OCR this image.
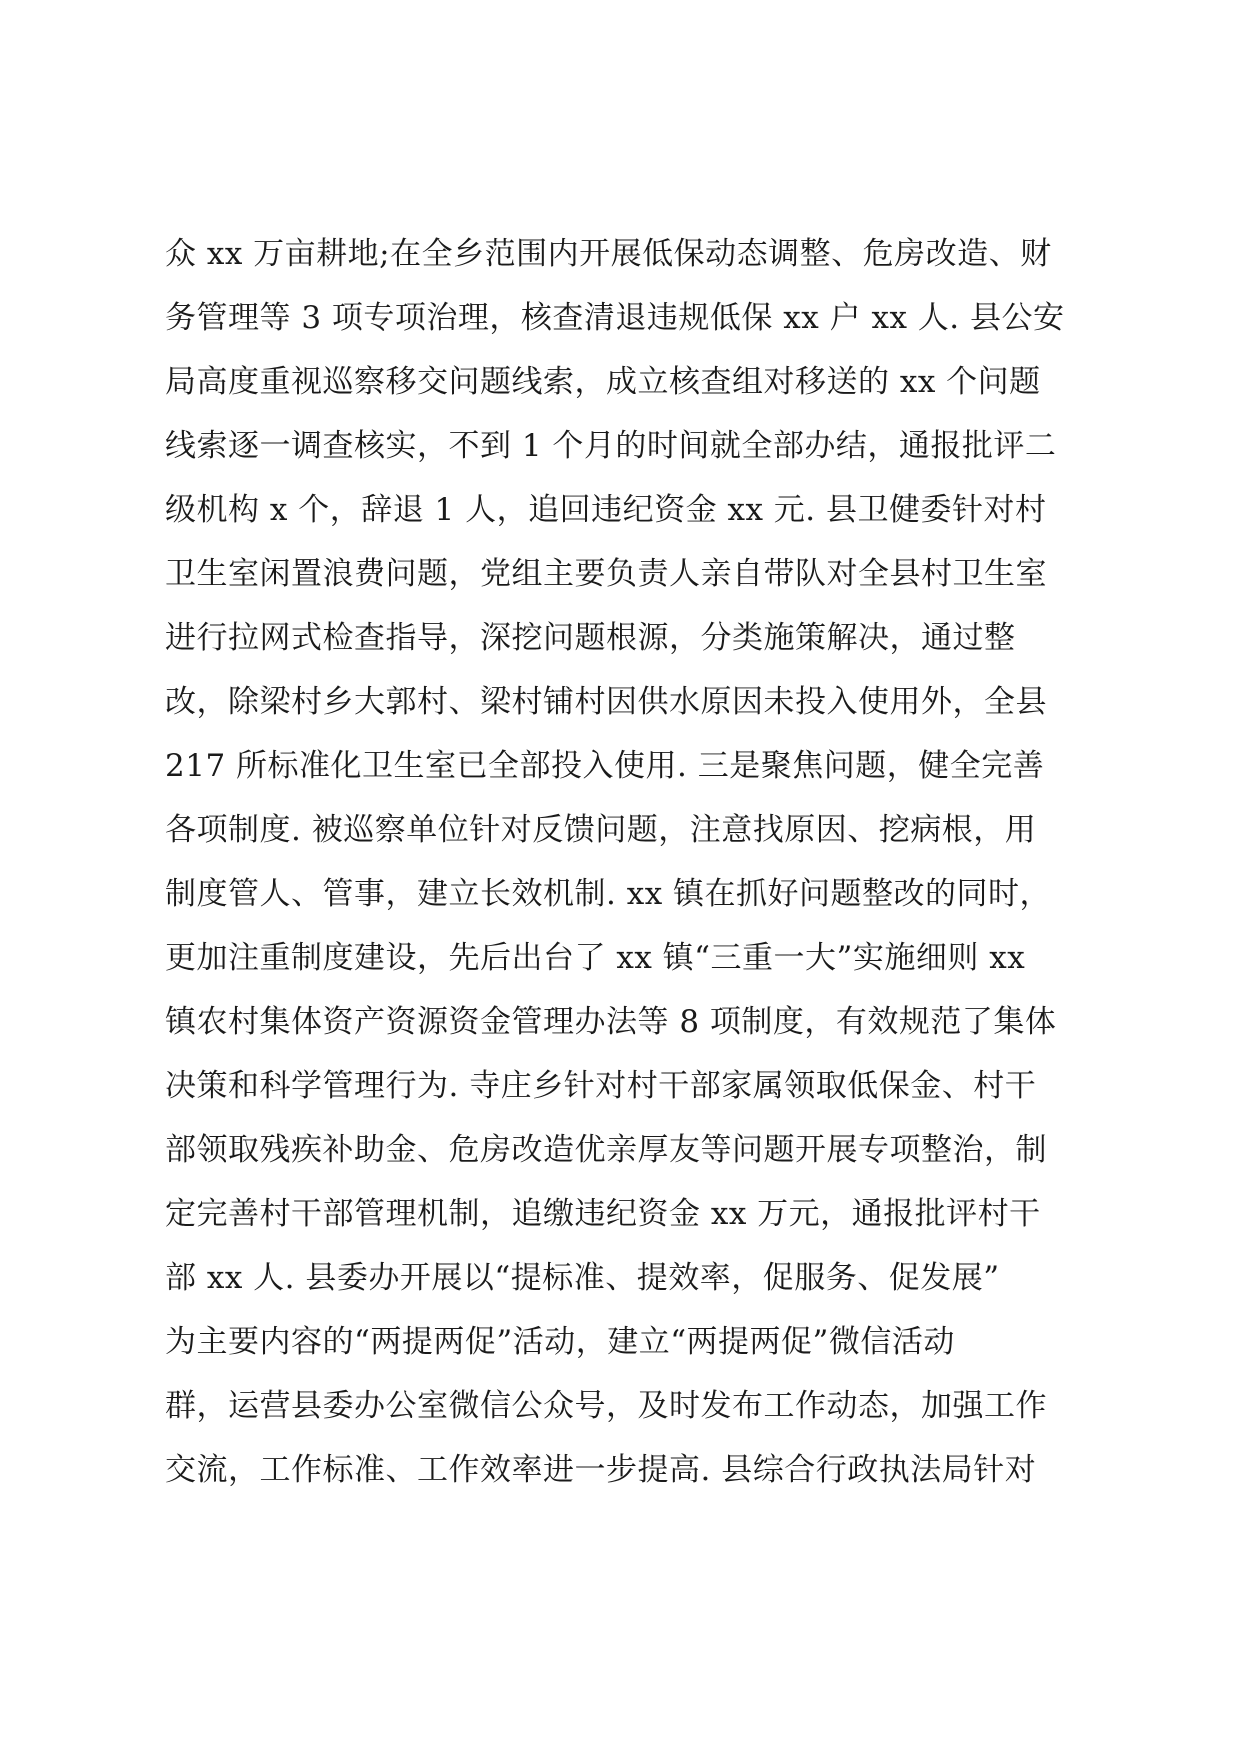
众 xx 万亩耕地;在全乡范围内开展低保动态调整、危房改造、财
务管理等 3 项专项治理，核查清退违规低保 xx 户 xx 人. 县公安
局高度重视巡察移交问题线索，成立核查组对移送的 xx 个问题
线索逐一调查核实，不到 1 个月的时间就全部办结，通报批评二
级机构 x 个，辞退 1 人，追回违纪资金 xx 元. 县卫健委针对村
卫生室闲置浪费问题，党组主要负责人亲自带队对全县村卫生室
进行拉网式检查指导，深挖问题根源，分类施策解决，通过整
改，除梁村乡大郭村、梁村铺村因供水原因未投入使用外，全县
217 所标准化卫生室已全部投入使用. 三是聚焦问题，健全完善
各项制度. 被巡察单位针对反馈问题，注意找原因、挖病根，用
制度管人、管事，建立长效机制. xx 镇在抓好问题整改的同时，
更加注重制度建设，先后出台了 xx 镇“三重一大”实施细则 xx
镇农村集体资产资源资金管理办法等 8 项制度，有效规范了集体
决策和科学管理行为. 寺庄乡针对村干部家属领取低保金、村干
部领取残疾补助金、危房改造优亲厚友等问题开展专项整治，制
定完善村干部管理机制，追缴违纪资金 xx 万元，通报批评村干
部 xx 人. 县委办开展以“提标准、提效率，促服务、促发展”
为主要内容的“两提两促”活动，建立“两提两促”微信活动
群，运营县委办公室微信公众号，及时发布工作动态，加强工作
交流，工作标准、工作效率进一步提高. 县综合行政执法局针对
